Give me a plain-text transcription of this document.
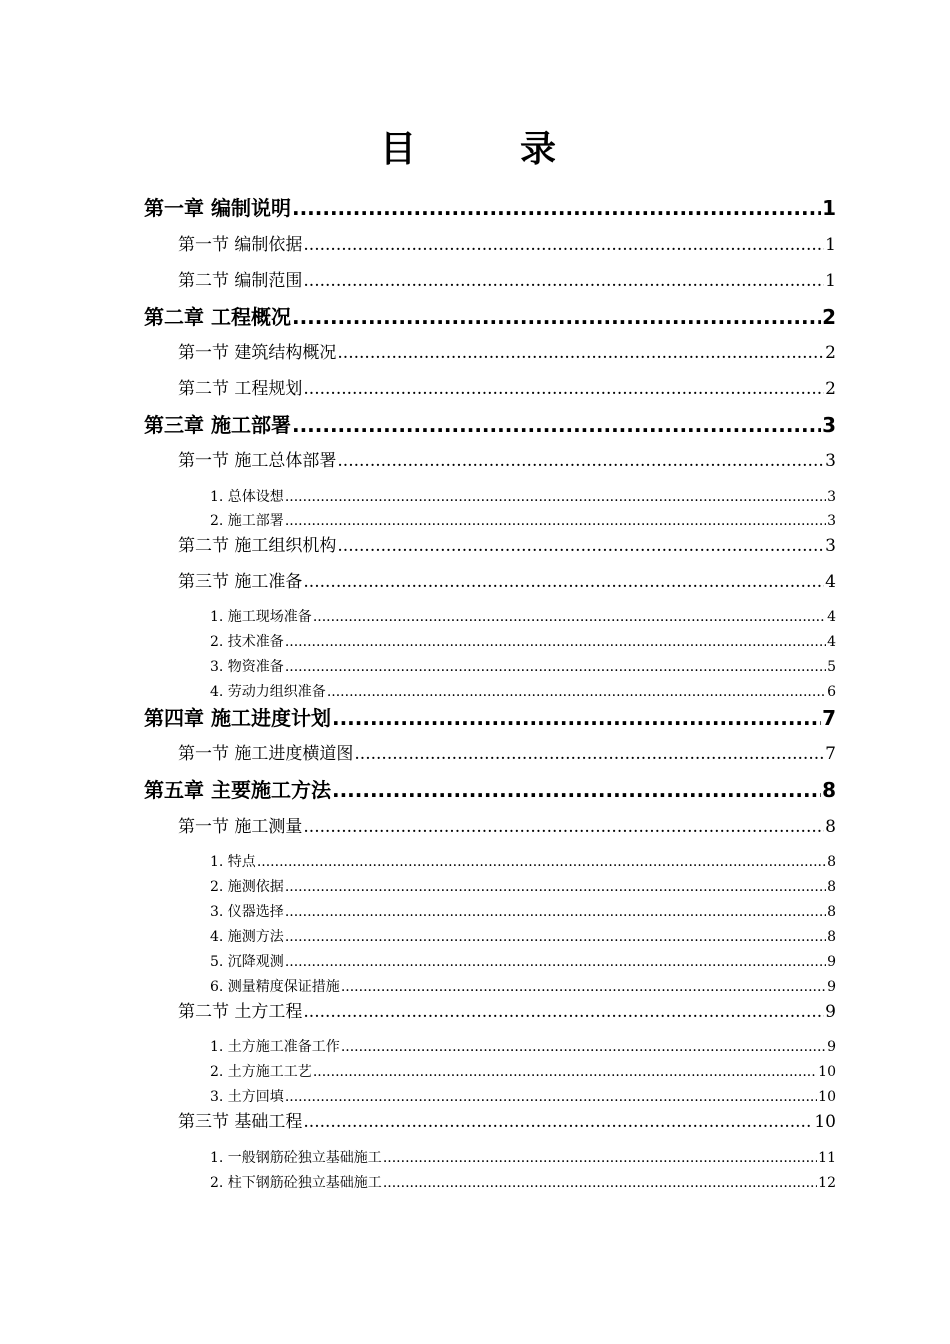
目　录
第一章 编制说明 .....	1
第一节 编制依据 .....	1
第二节 编制范围 .....	1
第二章 工程概况 .....	2
第一节 建筑结构概况 .....	2
第二节 工程规划 .....	2
第三章 施工部署 .....	3
第一节 施工总体部署 .....	3
1. 总体设想 .....	3
2. 施工部署 .....	3
第二节 施工组织机构 .....	3
第三节 施工准备 .....	4
1. 施工现场准备 .....	4
2. 技术准备 .....	4
3. 物资准备 .....	5
4. 劳动力组织准备 .....	6
第四章 施工进度计划 .....	7
第一节 施工进度横道图 .....	7
第五章 主要施工方法 .....	8
第一节 施工测量 .....	8
1. 特点 .....	8
2. 施测依据 .....	8
3. 仪器选择 .....	8
4. 施测方法 .....	8
5. 沉降观测 .....	9
6. 测量精度保证措施 .....	9
第二节 土方工程 .....	9
1. 土方施工准备工作 .....	9
2. 土方施工工艺 .....	10
3. 土方回填 .....	10
第三节 基础工程 .....	10
1. 一般钢筋砼独立基础施工 .....	11
2. 柱下钢筋砼独立基础施工 .....	12
